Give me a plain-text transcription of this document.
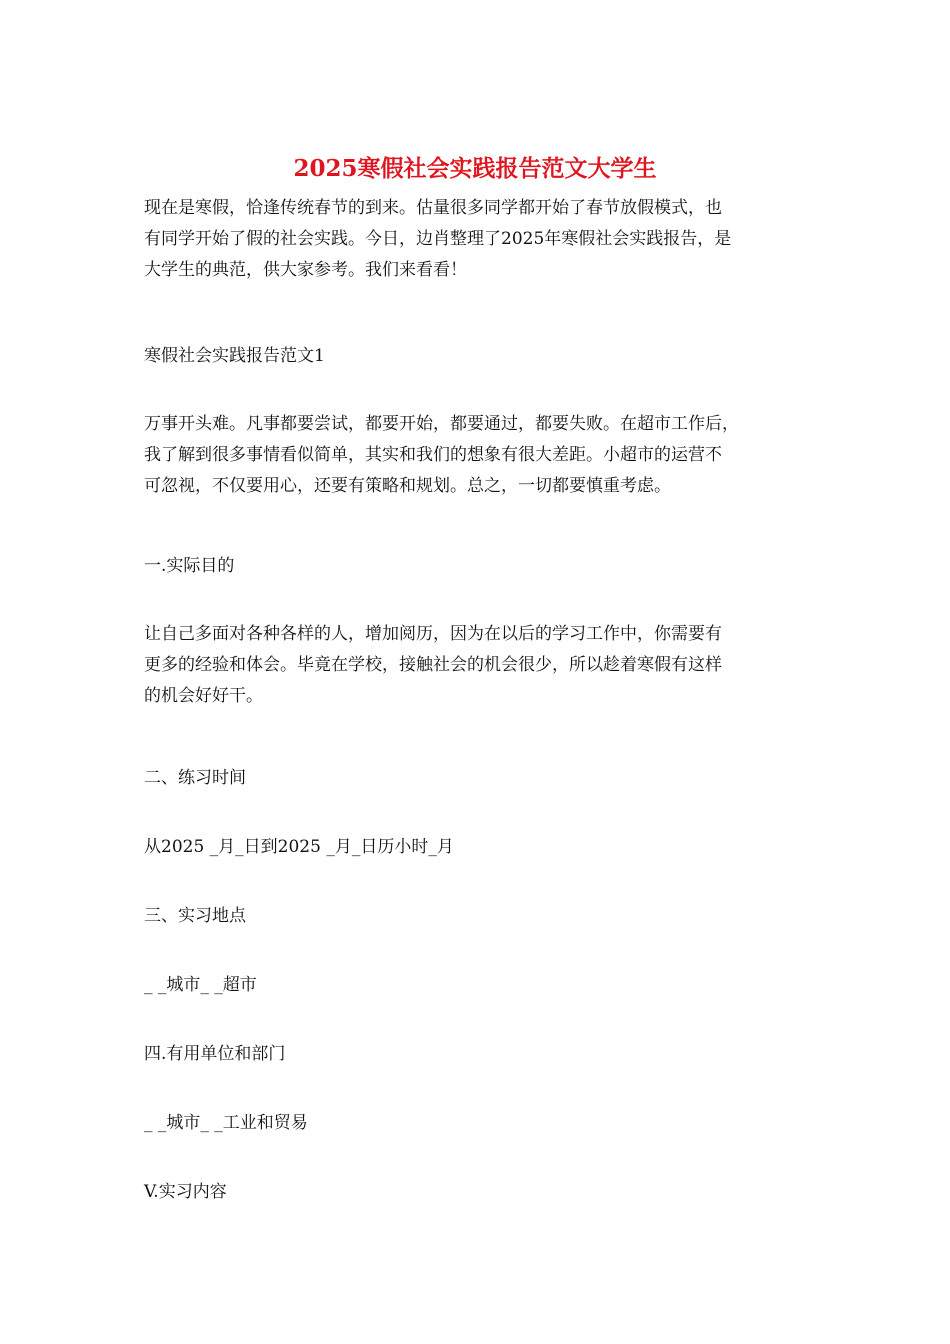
2025寒假社会实践报告范文大学生

现在是寒假，恰逢传统春节的到来。估量很多同学都开始了春节放假模式，也

有同学开始了假的社会实践。今日，边肖整理了2025年寒假社会实践报告，是

大学生的典范，供大家参考。我们来看看！

寒假社会实践报告范文1

万事开头难。凡事都要尝试，都要开始，都要通过，都要失败。在超市工作后，

我了解到很多事情看似简单，其实和我们的想象有很大差距。小超市的运营不

可忽视，不仅要用心，还要有策略和规划。总之，一切都要慎重考虑。

一.实际目的

让自己多面对各种各样的人，增加阅历，因为在以后的学习工作中，你需要有

更多的经验和体会。毕竟在学校，接触社会的机会很少，所以趁着寒假有这样

的机会好好干。

二、练习时间

从2025 _月_日到2025 _月_日历小时_月

三、实习地点

_ _城市_ _超市

四.有用单位和部门

_ _城市_ _工业和贸易

V.实习内容
